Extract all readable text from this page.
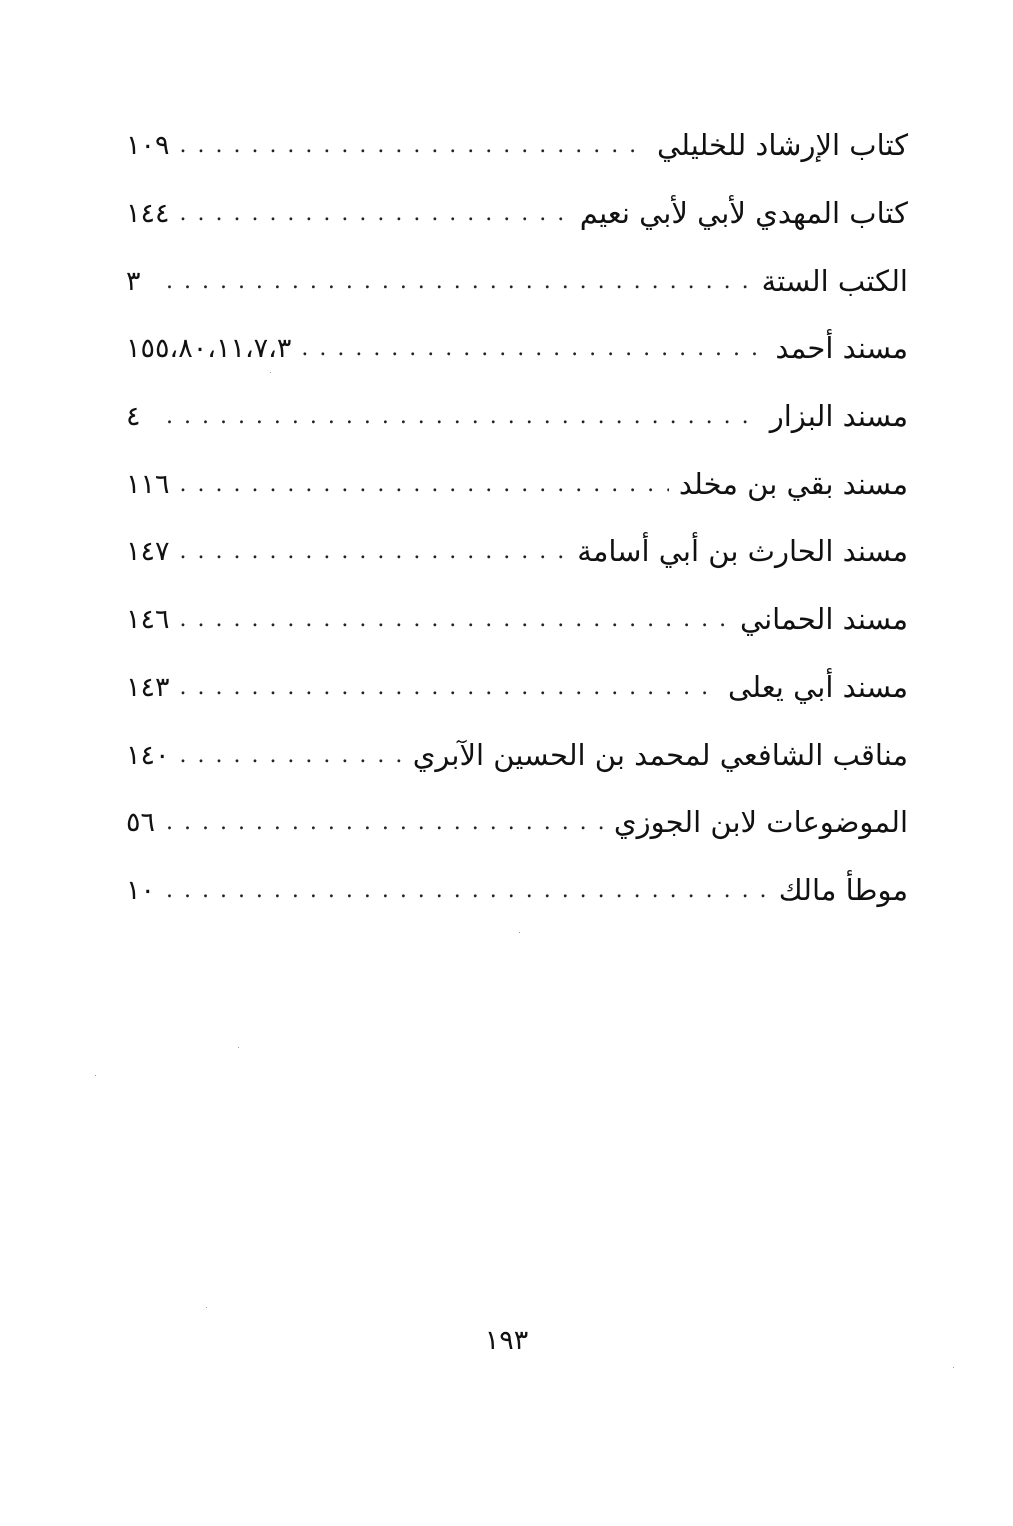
كتاب الإرشاد للخليلي
. . .
١٠٩
كتاب المهدي لأبي لأبي نعيم
. . .
١٤٤
الكتب الستة
. . .
٣
مسند أحمد
. . .
١٥٥،٨٠،١١،٧،٣
مسند البزار
. . .
٤
مسند بقي بن مخلد
. . .
١١٦
مسند الحارث بن أبي أسامة
. . .
١٤٧
مسند الحماني
. . .
١٤٦
مسند أبي يعلى
. . .
١٤٣
مناقب الشافعي لمحمد بن الحسين الآبري
. . .
١٤٠
الموضوعات لابن الجوزي
. . .
٥٦
موطأ مالك
. . .
١٠
١٩٣
